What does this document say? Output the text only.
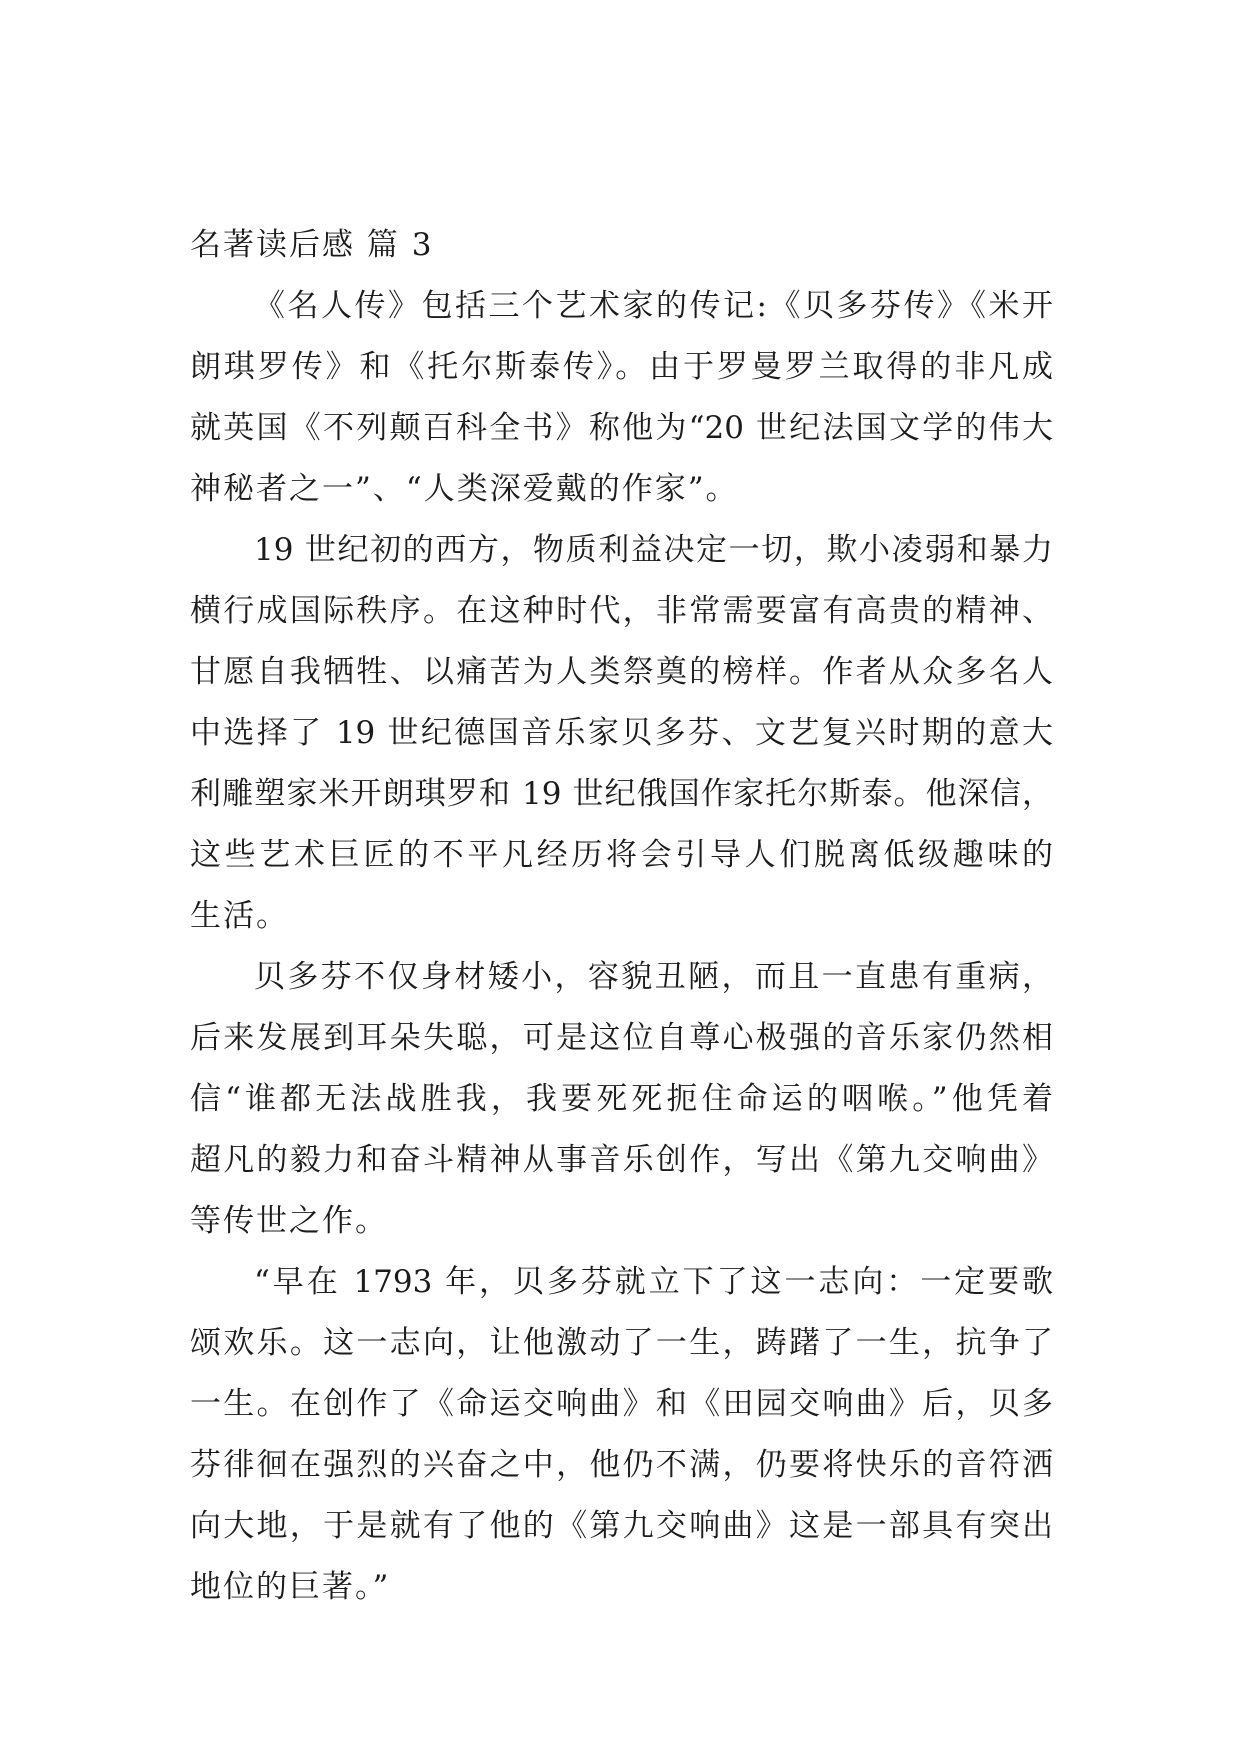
名著读后感 篇 3
《名人传》包括三个艺术家的传记:《贝多芬传》《米开
朗琪罗传》和《托尔斯泰传》。由于罗曼罗兰取得的非凡成
就英国《不列颠百科全书》称他为“20 世纪法国文学的伟大
神秘者之一”、“人类深爱戴的作家”。
19 世纪初的西方，物质利益决定一切，欺小凌弱和暴力
横行成国际秩序。在这种时代，非常需要富有高贵的精神、
甘愿自我牺牲、以痛苦为人类祭奠的榜样。作者从众多名人
中选择了 19 世纪德国音乐家贝多芬、文艺复兴时期的意大
利雕塑家米开朗琪罗和 19 世纪俄国作家托尔斯泰。他深信，
这些艺术巨匠的不平凡经历将会引导人们脱离低级趣味的
生活。
贝多芬不仅身材矮小，容貌丑陋，而且一直患有重病，
后来发展到耳朵失聪，可是这位自尊心极强的音乐家仍然相
信“谁都无法战胜我，我要死死扼住命运的咽喉。”他凭着
超凡的毅力和奋斗精神从事音乐创作，写出《第九交响曲》
等传世之作。
“早在 1793 年，贝多芬就立下了这一志向：一定要歌
颂欢乐。这一志向，让他激动了一生，踌躇了一生，抗争了
一生。在创作了《命运交响曲》和《田园交响曲》后，贝多
芬徘徊在强烈的兴奋之中，他仍不满，仍要将快乐的音符洒
向大地，于是就有了他的《第九交响曲》这是一部具有突出
地位的巨著。”
